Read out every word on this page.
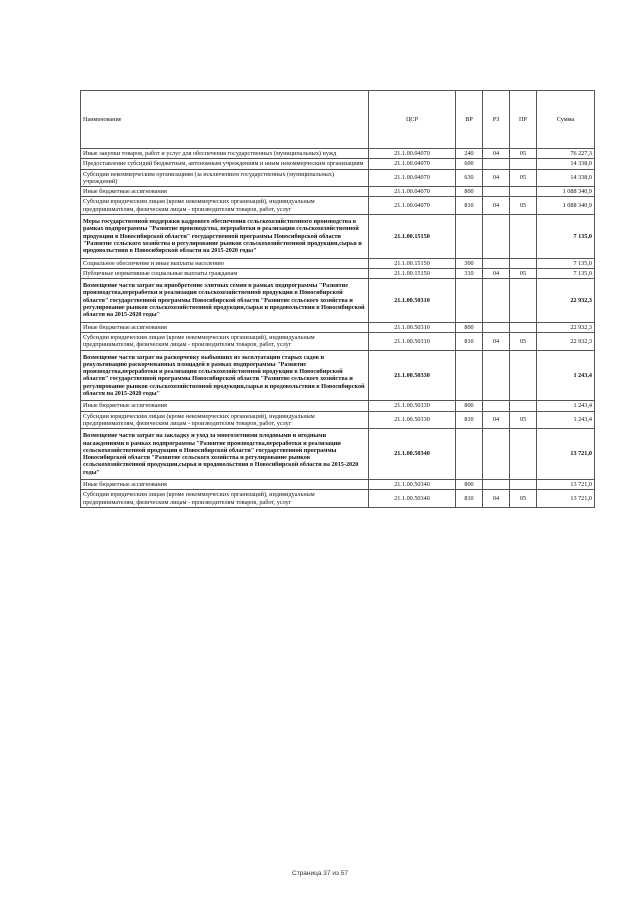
Наименование	ЦСР	ВР	РЗ	ПР	Сумма
Иные закупки товаров, работ и услуг для обеспечения государственных (муниципальных) нужд	21.1.00.04070	240	04	05	76 227,3
Предоставление субсидий бюджетным, автономным учреждениям и иным некоммерческим организациям	21.1.00.04070	600			14 338,0
Субсидии некоммерческим организациям (за исключением государственных (муниципальных) учреждений)	21.1.00.04070	630	04	05	14 338,0
Иные бюджетные ассигнования	21.1.00.04070	800			1 088 340,9
Субсидии юридическим лицам (кроме некоммерческих организаций), индивидуальным предпринимателям, физическим лицам - производителям товаров, работ, услуг	21.1.00.04070	810	04	05	1 088 340,9
Меры государственной поддержки кадрового обеспечения сельскохозяйственного производства в рамках подпрограммы "Развитие производства, переработки и реализации сельскохозяйственной продукции в Новосибирской области" государственной программы Новосибирской области "Развитие сельского хозяйства и регулирование рынков сельскохозяйственной продукции,сырья и продовольствия в Новосибирской области на 2015-2020 годы"	21.1.00.15150				7 135,0
Социальное обеспечение и иные выплаты населению	21.1.00.15150	300			7 135,0
Публичные нормативные социальные выплаты гражданам	21.1.00.15150	310	04	05	7 135,0
Возмещение части затрат на приобретение элитных семян в рамках подпрограммы "Развитие производства,переработки и реализации сельскохозяйственной продукции в Новосибирской области" государственной программы Новосибирской области "Развитие сельского хозяйства и регулирование рынков сельскохозяйственной продукции,сырья и продовольствия в Новосибирской области на 2015-2020 годы"	21.1.00.50310				22 932,3
Иные бюджетные ассигнования	21.1.00.50310	800			22 932,3
Субсидии юридическим лицам (кроме некоммерческих организаций), индивидуальным предпринимателям, физическим лицам - производителям товаров, работ, услуг	21.1.00.50310	810	04	05	22 932,3
Возмещение части затрат на раскорчевку выбывших из эксплуатации старых садов и рекультивацию раскорчеванных площадей в рамках подпрограммы "Развитие производства,переработки и реализации сельскохозяйственной продукции в Новосибирской области" государственной программы Новосибирской области "Развитие сельского хозяйства и регулирование рынков сельскохозяйственной продукции,сырья и продовольствия в Новосибирской области на 2015-2020 годы"	21.1.00.50330				1 243,4
Иные бюджетные ассигнования	21.1.00.50330	800			1 243,4
Субсидии юридическим лицам (кроме некоммерческих организаций), индивидуальным предпринимателям, физическим лицам - производителям товаров, работ, услуг	21.1.00.50330	810	04	05	1 243,4
Возмещение части затрат на закладку и уход за многолетними плодовыми и ягодными насаждениями в рамках подпрограммы "Развитие производства,переработки и реализации сельскохозяйственной продукции в Новосибирской области" государственной программы Новосибирской области "Развитие сельского хозяйства и регулирование рынков сельскохозяйственной продукции,сырья и продовольствия в Новосибирской области на 2015-2020 годы"	21.1.00.50340				13 721,0
Иные бюджетные ассигнования	21.1.00.50340	800			13 721,0
Субсидии юридическим лицам (кроме некоммерческих организаций), индивидуальным предпринимателям, физическим лицам - производителям товаров, работ, услуг	21.1.00.50340	810	04	05	13 721,0
Страница 37 из 57
